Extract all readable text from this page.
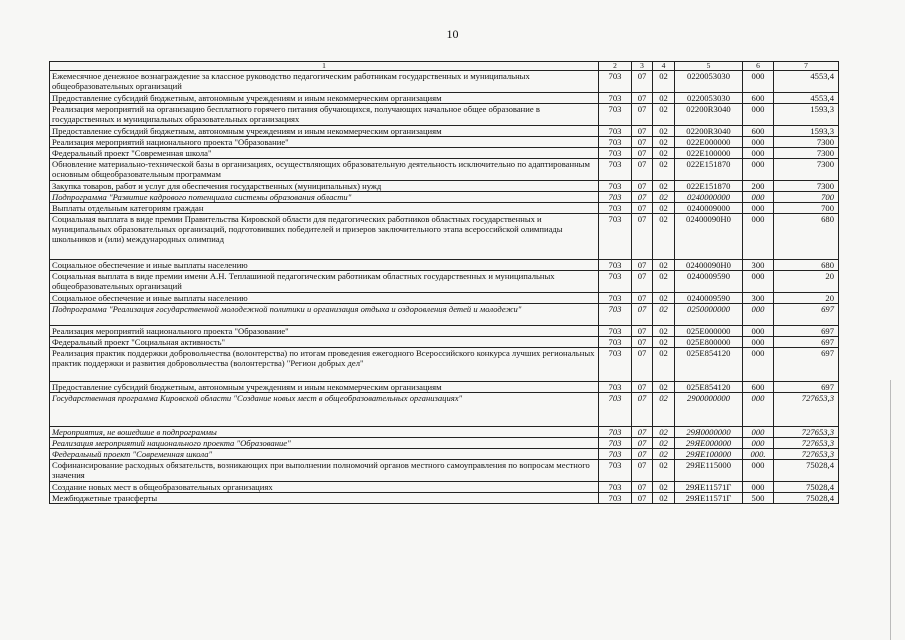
10
1	2	3	4	5	6	7
Ежемесячное денежное вознаграждение за классное руководство педагогическим работникам государственных и муниципальных общеобразовательных организаций	703	07	02	0220053030	000	4553,4
Предоставление субсидий бюджетным, автономным учреждениям и иным некоммерческим организациям	703	07	02	0220053030	600	4553,4
Реализация мероприятий на организацию бесплатного горячего питания обучающихся, получающих начальное общее образование в государственных и муниципальных образовательных организациях	703	07	02	02200R3040	000	1593,3
Предоставление субсидий бюджетным, автономным учреждениям и иным некоммерческим организациям	703	07	02	02200R3040	600	1593,3
Реализация мероприятий национального проекта "Образование"	703	07	02	022E000000	000	7300
Федеральный проект "Современная школа"	703	07	02	022E100000	000	7300
Обновление материально-технической базы в организациях, осуществляющих образовательную деятельность исключительно по адаптированным основным общеобразовательным программам	703	07	02	022E151870	000	7300
Закупка товаров, работ и услуг для обеспечения государственных (муниципальных) нужд	703	07	02	022E151870	200	7300
Подпрограмма "Развитие кадрового потенциала системы образования области"	703	07	02	0240000000	000	700
Выплаты отдельным категориям граждан	703	07	02	0240009000	000	700
Социальная выплата в виде премии Правительства Кировской области для педагогических работников областных государственных и муниципальных образовательных организаций, подготовивших победителей и призеров заключительного этапа всероссийской олимпиады школьников и (или) международных олимпиад	703	07	02	02400090Н0	000	680
Социальное обеспечение и иные выплаты населению	703	07	02	02400090Н0	300	680
Социальная выплата в виде премии имени А.Н. Теплашиной педагогическим работникам областных государственных и муниципальных общеобразовательных организаций	703	07	02	0240009590	000	20
Социальное обеспечение и иные выплаты населению	703	07	02	0240009590	300	20
Подпрограмма "Реализация государственной молодежной политики и организация отдыха и оздоровления детей и молодежи"	703	07	02	0250000000	000	697
Реализация мероприятий национального проекта "Образование"	703	07	02	025E000000	000	697
Федеральный проект "Социальная активность"	703	07	02	025E800000	000	697
Реализация практик поддержки добровольчества (волонтерства) по итогам проведения ежегодного Всероссийского конкурса лучших региональных практик поддержки и развития добровольчества (волонтерства) "Регион добрых дел"	703	07	02	025E854120	000	697
Предоставление субсидий бюджетным, автономным учреждениям и иным некоммерческим организациям	703	07	02	025E854120	600	697
Государственная программа Кировской области "Создание новых мест в общеобразовательных организациях"	703	07	02	2900000000	000	727653,3
Мероприятия, не вошедшие в подпрограммы	703	07	02	29Я0000000	000	727653,3
Реализация мероприятий национального проекта "Образование"	703	07	02	29ЯЕ000000	000	727653,3
Федеральный проект "Современная школа"	703	07	02	29ЯЕ100000	000.	727653,3
Софинансирование расходных обязательств, возникающих при выполнении полномочий органов местного самоуправления по вопросам местного значения	703	07	02	29ЯЕ115000	000	75028,4
Создание новых мест в общеобразовательных организациях	703	07	02	29ЯЕ11571Г	000	75028,4
Межбюджетные трансферты	703	07	02	29ЯЕ11571Г	500	75028,4
